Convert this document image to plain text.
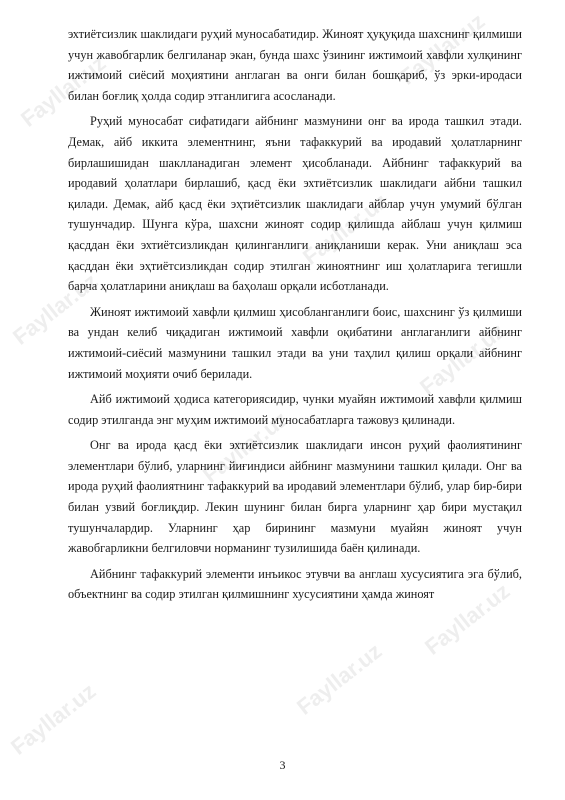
Fayllar.uz
Fayllar.uz
Fayllar.uz
Fayllar.uz
Fayllar.uz
Fayllar.uz
Fayllar.uz	Fayllar.uz
Fayllar.uz

эхтиётсизлик шаклидаги руҳий муносабатидир. Жиноят ҳуқуқида шахснинг қилмиши учун жавобгарлик белгиланар экан, бунда шахс ўзининг ижтимоий хавфли хулқининг ижтимоий сиёсий моҳиятини англаган ва онги билан бошқариб, ўз эрки-иродаси билан боғлиқ ҳолда содир этганлигига асосланади.

Руҳий муносабат сифатидаги айбнинг мазмунини онг ва ирода ташкил этади. Демак, айб иккита элементнинг, яъни тафаккурий ва иродавий ҳолатларнинг бирлашишидан шаклланадиган элемент ҳисобланади. Айбнинг тафаккурий ва иродавий ҳолатлари бирлашиб, қасд ёки эхтиётсизлик шаклидаги айбни ташкил қилади. Демак, айб қасд ёки эҳтиётсизлик шаклидаги айблар учун умумий бўлган тушунчадир. Шунга кўра, шахсни жиноят содир қилишда айблаш учун қилмиш қасддан ёки эхтиётсизликдан қилинганлиги аниқланиши керак. Уни аниқлаш эса қасддан ёки эҳтиётсизликдан содир этилган жиноятнинг иш ҳолатларига тегишли барча ҳолатларини аниқлаш ва баҳолаш орқали исботланади.

Жиноят ижтимоий хавфли қилмиш ҳисобланганлиги боис, шахснинг ўз қилмиши ва ундан келиб чиқадиган ижтимоий хавфли оқибатини англаганлиги айбнинг ижтимоий-сиёсий мазмунини ташкил этади ва уни таҳлил қилиш орқали айбнинг ижтимоий моҳияти очиб берилади.

Айб ижтимоий ҳодиса категориясидир, чунки муайян ижтимоий хавфли қилмиш содир этилганда энг муҳим ижтимоий муносабатларга тажовуз қилинади.

Онг ва ирода қасд ёки эхтиётсизлик шаклидаги инсон руҳий фаолиятининг элементлари бўлиб, уларнинг йиғиндиси айбнинг мазмунини ташкил қилади. Онг ва ирода руҳий фаолиятнинг тафаккурий ва иродавий элементлари бўлиб, улар бир-бири билан узвий боғлиқдир. Лекин шунинг билан бирга уларнинг ҳар бири мустақил тушунчалардир. Уларнинг ҳар бирининг мазмуни муайян жиноят учун жавобгарликни белгиловчи норманинг тузилишида баён қилинади.

Айбнинг тафаккурий элементи инъикос этувчи ва англаш хусусиятига эга бўлиб, объектнинг ва содир этилган қилмишнинг хусусиятини ҳамда жиноят

3
